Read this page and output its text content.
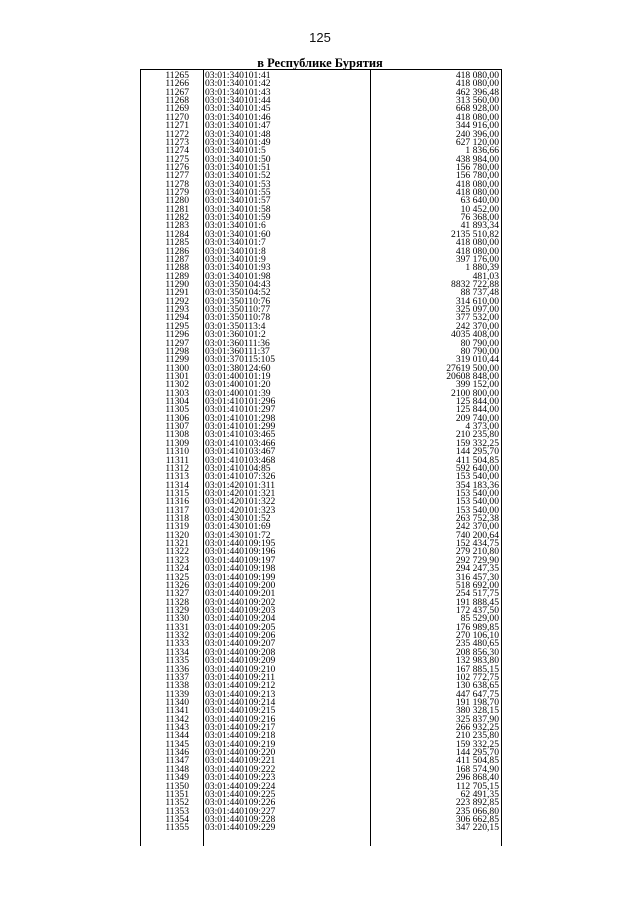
125
в Республике Бурятия
11265 03:01:340101:41	418 080,00
11266 03:01:340101:42	418 080,00
11267 03:01:340101:43	462 396,48
11268 03:01:340101:44	313 560,00
11269 03:01:340101:45	668 928,00
11270 03:01:340101:46	418 080,00
11271 03:01:340101:47	344 916,00
11272 03:01:340101:48	240 396,00
11273 03:01:340101:49	627 120,00
11274 03:01:340101:5	1 836,66
11275 03:01:340101:50	438 984,00
11276 03:01:340101:51	156 780,00
11277 03:01:340101:52	156 780,00
11278 03:01:340101:53	418 080,00
11279 03:01:340101:55	418 080,00
11280 03:01:340101:57	63 640,00
11281 03:01:340101:58	10 452,00
11282 03:01:340101:59	76 368,00
11283 03:01:340101:6	41 893,34
11284 03:01:340101:60	2135 510,82
11285 03:01:340101:7	418 080,00
11286 03:01:340101:8	418 080,00
11287 03:01:340101:9	397 176,00
11288 03:01:340101:93	1 880,39
11289 03:01:340101:98	481,03
11290 03:01:350104:43	8832 722,88
11291 03:01:350104:52	88 737,48
11292 03:01:350110:76	314 610,00
11293 03:01:350110:77	325 097,00
11294 03:01:350110:78	377 532,00
11295 03:01:350113:4	242 370,00
11296 03:01:360101:2	4035 408,00
11297 03:01:360111:36	80 790,00
11298 03:01:360111:37	80 790,00
11299 03:01:370115:105	319 010,44
11300 03:01:380124:60	27619 500,00
11301 03:01:400101:19	20608 848,00
11302 03:01:400101:20	399 152,00
11303 03:01:400101:39	2100 800,00
11304 03:01:410101:296	125 844,00
11305 03:01:410101:297	125 844,00
11306 03:01:410101:298	209 740,00
11307 03:01:410101:299	4 373,00
11308 03:01:410103:465	210 235,80
11309 03:01:410103:466	159 332,25
11310 03:01:410103:467	144 295,70
11311 03:01:410103:468	411 504,85
11312 03:01:410104:85	592 640,00
11313 03:01:410107:326	153 540,00
11314 03:01:420101:311	354 183,36
11315 03:01:420101:321	153 540,00
11316 03:01:420101:322	153 540,00
11317 03:01:420101:323	153 540,00
11318 03:01:430101:52	263 752,38
11319 03:01:430101:69	242 370,00
11320 03:01:430101:72	740 200,64
11321 03:01:440109:195	152 434,75
11322 03:01:440109:196	279 210,80
11323 03:01:440109:197	292 729,90
11324 03:01:440109:198	294 247,35
11325 03:01:440109:199	316 457,30
11326 03:01:440109:200	518 692,00
11327 03:01:440109:201	254 517,75
11328 03:01:440109:202	191 888,45
11329 03:01:440109:203	172 437,50
11330 03:01:440109:204	85 529,00
11331 03:01:440109:205	176 989,85
11332 03:01:440109:206	270 106,10
11333 03:01:440109:207	235 480,65
11334 03:01:440109:208	208 856,30
11335 03:01:440109:209	132 983,80
11336 03:01:440109:210	167 885,15
11337 03:01:440109:211	102 772,75
11338 03:01:440109:212	130 638,65
11339 03:01:440109:213	447 647,75
11340 03:01:440109:214	191 198,70
11341 03:01:440109:215	380 328,15
11342 03:01:440109:216	325 837,90
11343 03:01:440109:217	266 932,25
11344 03:01:440109:218	210 235,80
11345 03:01:440109:219	159 332,25
11346 03:01:440109:220	144 295,70
11347 03:01:440109:221	411 504,85
11348 03:01:440109:222	168 574,90
11349 03:01:440109:223	296 868,40
11350 03:01:440109:224	112 705,15
11351 03:01:440109:225	62 491,35
11352 03:01:440109:226	223 892,85
11353 03:01:440109:227	235 066,80
11354 03:01:440109:228	306 662,85
11355 03:01:440109:229	347 220,15
